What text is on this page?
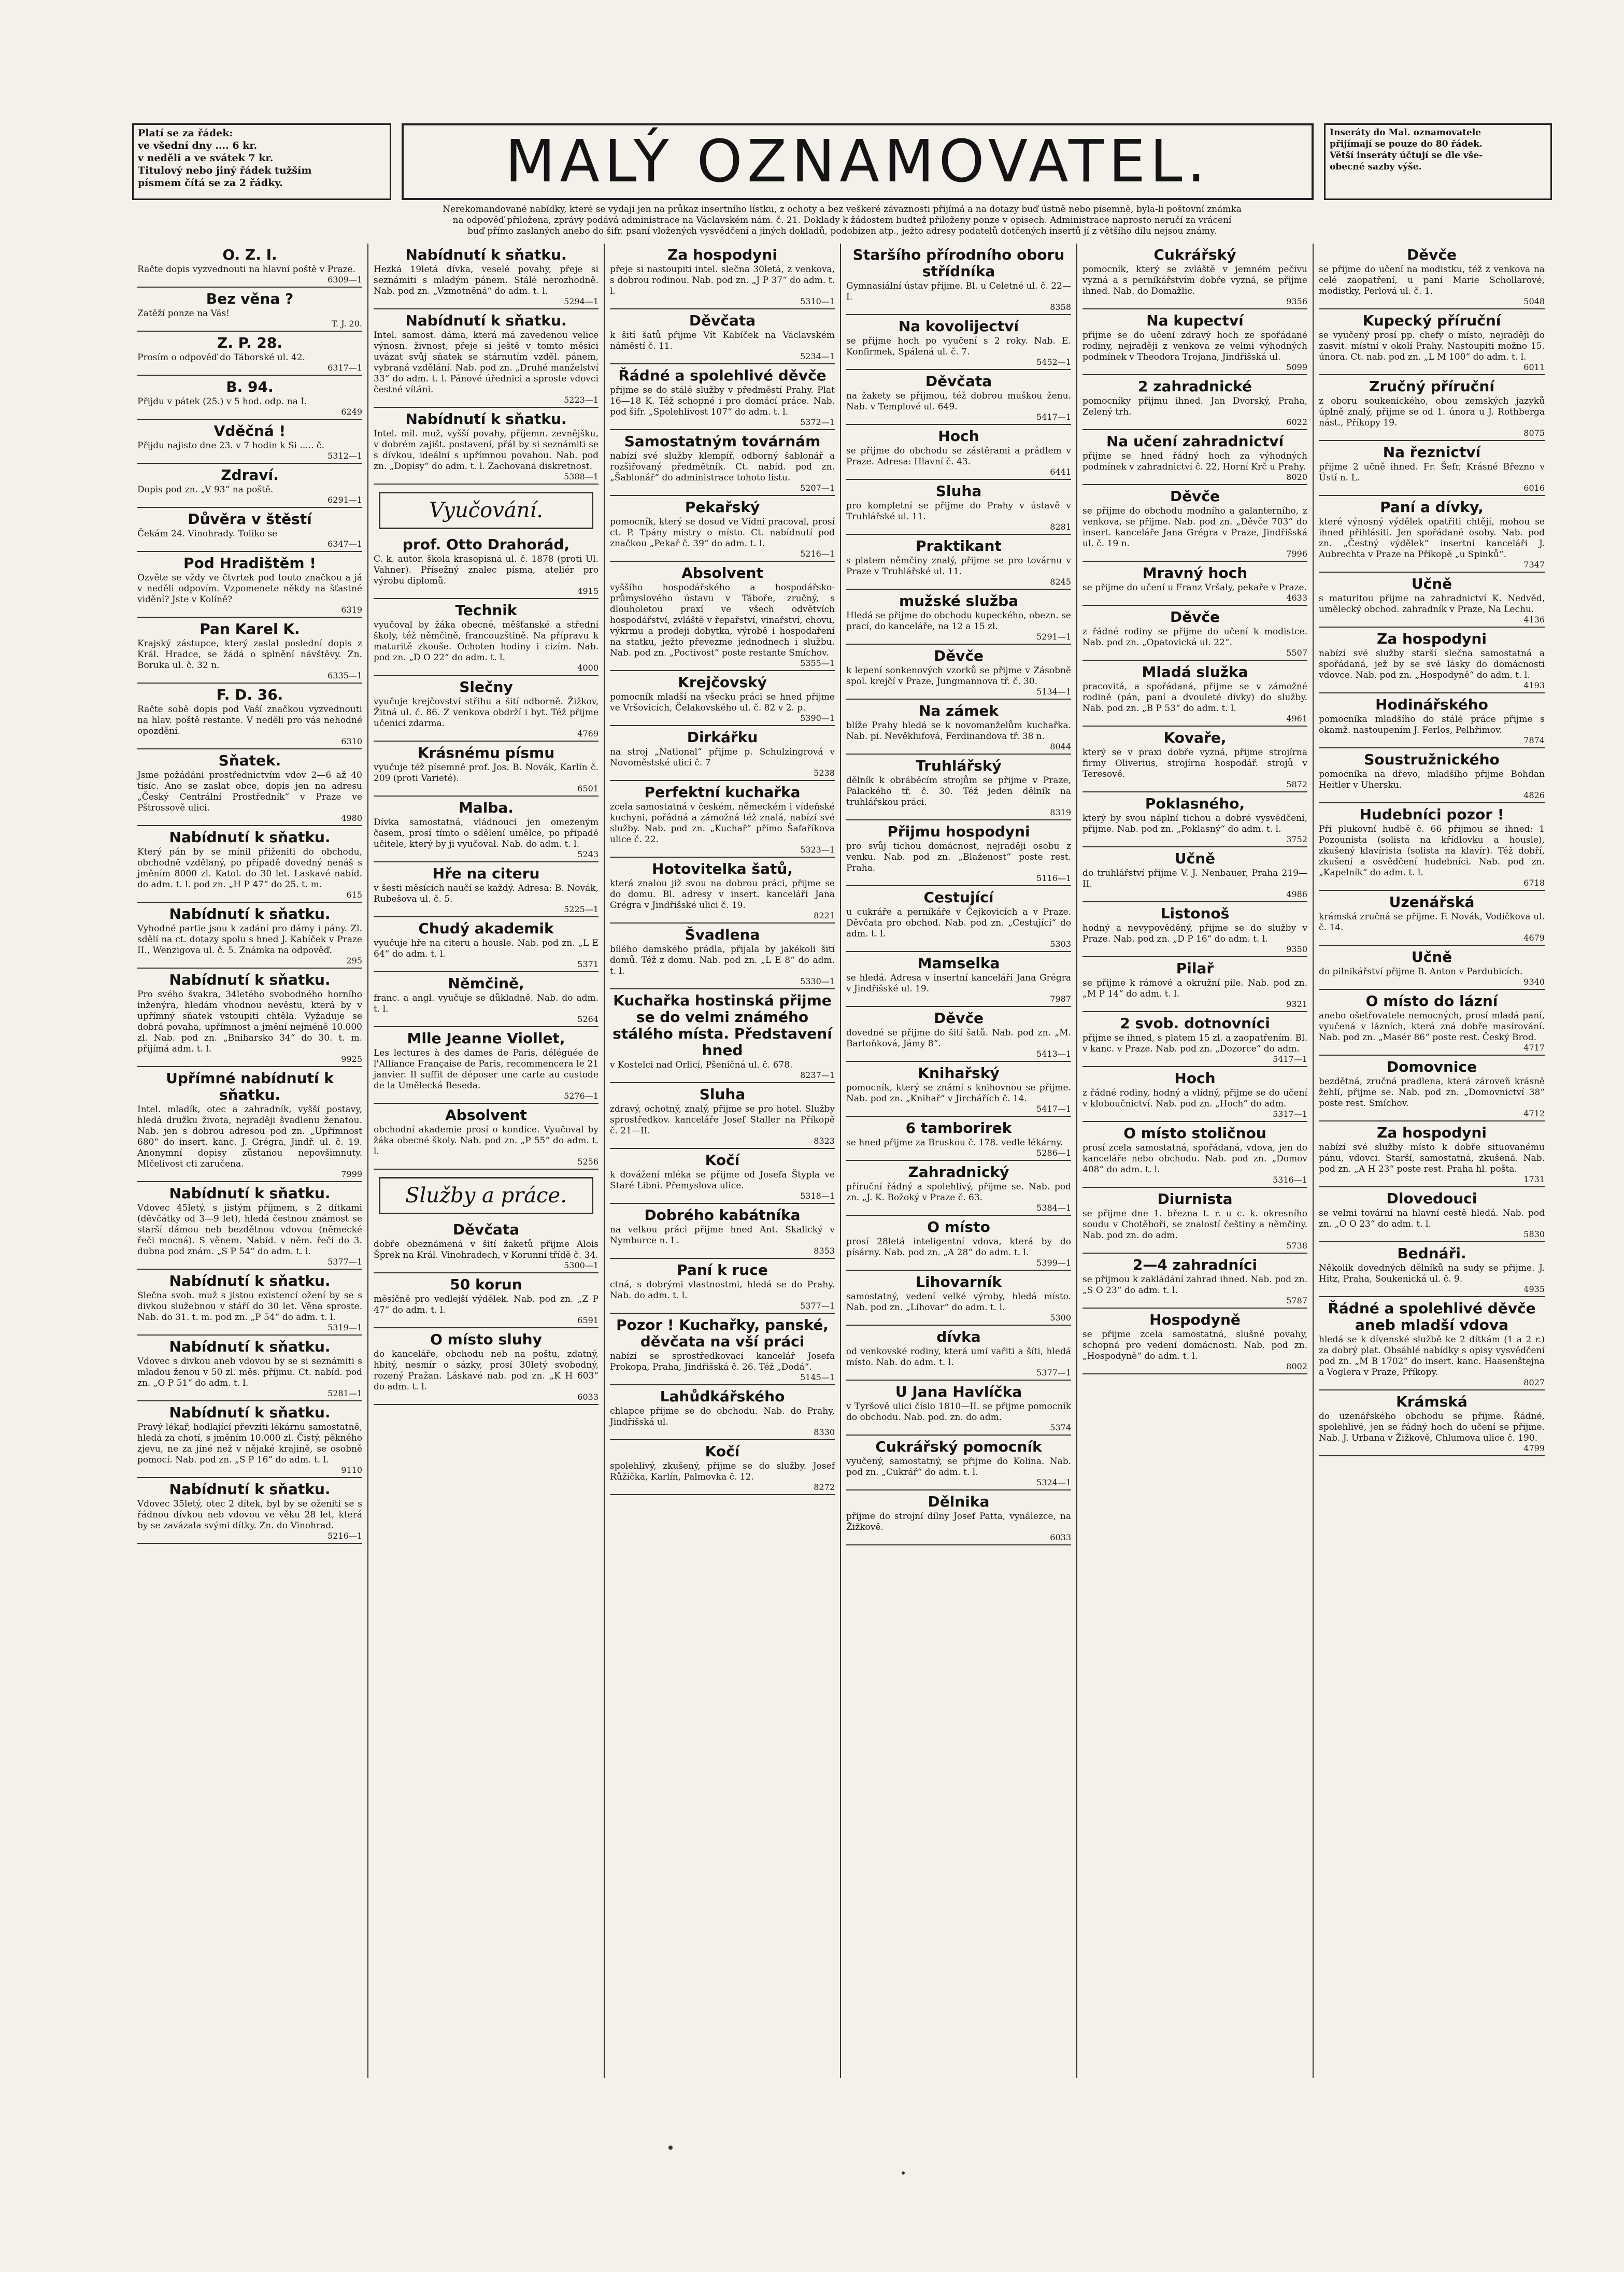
Platí se za řádek:
ve všední dny .... 6 kr.
v neděli a ve svátek 7 kr.
Titulový nebo jiný řádek tužším
písmem čítá se za 2 řádky.	MALÝ OZNAMOVATEL.	Inseráty do Mal. oznamovatele
přijímají se pouze do 80 řádek.
Větší inseráty účtují se dle vše-
obecné sazby výše.
Nerekomandované nabídky, které se vydají jen na průkaz insertního lístku, z ochoty a bez veškeré závaznosti přijímá a na dotazy buď ústně nebo písemně, byla-li poštovní známka
na odpověď přiložena, zprávy podává administrace na Václavském nám. č. 21. Doklady k žádostem budtež přiloženy ponze v opisech. Administrace naprosto neručí za vrácení
buď přímo zaslaných anebo do šifr. psaní vložených vysvědčení a jiných dokladů, podobizen atp., ježto adresy podatelů dotčených insertů jí z většího dílu nejsou známy.
O. Z. I.
Račte dopis vyzvednouti na hlavní poště v Praze.
6309—1
Bez věna ?
Zatěží ponze na Vás!
T. J. 20.
Z. P. 28.
Prosím o odpověď do Táborské ul. 42.
6317—1
B. 94.
Přijdu v pátek (25.) v 5 hod. odp. na I.
6249
Vděčná !
Přijdu najisto dne 23. v 7 hodin k Si ..... č.
5312—1
Zdraví.
Dopis pod zn. „V 93“ na poště.
6291—1
Důvěra v štěstí
Čekám 24. Vinohrady. Toliko se
6347—1
Pod Hradištěm !
Ozvěte se vždy ve čtvrtek pod touto značkou a já v neděli odpovím. Vzpomenete někdy na šťastné vidění? Jste v Kolíně?
6319
Pan Karel K.
Krajský zástupce, který zaslal poslední dopis z Král. Hradce, se žádá o splnění návštěvy. Zn. Boruka ul. č. 32 n.
6335—1
F. D. 36.
Račte sobě dopis pod Vaší značkou vyzvednouti na hlav. poště restante. V neděli pro vás nehodné opozdění.
6310
Sňatek.
Jsme požádáni prostřednictvím vdov 2—6 až 40 tisíc. Ano se zaslat obce, dopis jen na adresu „Český Centrální Prostředník“ v Praze ve Pštrossově ulici.
4980
Nabídnutí k sňatku.
Který pán by se mínil přiženiti do obchodu, obchodně vzdělaný, po případě dovedný nenáš s jměním 8000 zl. Katol. do 30 let. Laskavé nabíd. do adm. t. l. pod zn. „H P 47“ do 25. t. m.
615
Nabídnutí k sňatku.
Vyhodné partie jsou k zadání pro dámy i pány. Zl. sdělí na ct. dotazy spolu s hned J. Kabíček v Praze II., Wenzigova ul. č. 5. Známka na odpověď.
295
Nabídnutí k sňatku.
Pro svého švakra, 34letého svobodného horního inženýra, hledám vhodnou nevěstu, která by v upřímný sňatek vstoupiti chtěla. Vyžaduje se dobrá povaha, upřímnost a jmění nejméně 10.000 zl. Nab. pod zn. „Bniharsko 34“ do 30. t. m. přijímá adm. t. l.
9925
Upřímné nabídnutí k sňatku.
Intel. mladík, otec a zahradník, vyšší postavy, hledá družku života, nejraději švadlenu ženatou. Nab. jen s dobrou adresou pod zn. „Upřímnost 680“ do insert. kanc. J. Grégra, Jindř. ul. č. 19. Anonymní dopisy zůstanou nepovšimnuty. Mlčelivost cti zaručena.
7999
Nabídnutí k sňatku.
Vdovec 45letý, s jistým příjmem, s 2 dítkami (děvčátky od 3—9 let), hledá čestnou známost se starší dámou neb bezdětnou vdovou (německé řeči mocná). S věnem. Nabíd. v něm. řeči do 3. dubna pod znám. „S P 54“ do adm. t. l.
5377—1
Nabídnutí k sňatku.
Slečna svob. muž s jistou existencí ožení by se s divkou služebnou v stáří do 30 let. Věna sproste. Nab. do 31. t. m. pod zn. „P 54“ do adm. t. l.
5319—1
Nabídnutí k sňatku.
Vdovec s divkou aneb vdovou by se si seznámiti s mladou ženou v 50 zl. měs. příjmu. Ct. nabíd. pod zn. „O P 51“ do adm. t. l.
5281—1
Nabídnutí k sňatku.
Pravý lékař, hodlající převzíti lékárnu samostatně, hledá za chotí, s jměním 10.000 zl. Čistý, pěkného zjevu, ne za jiné než v nějaké krajině, se osobně pomocí. Nab. pod zn. „S P 16“ do adm. t. l.
9110
Nabídnutí k sňatku.
Vdovec 35letý, otec 2 dítek, byl by se oženiti se s řádnou dívkou neb vdovou ve věku 28 let, která by se zavázala svými dítky. Zn. do Vinohrad.
5216—1
Nabídnutí k sňatku.
Hezká 19letá dívka, veselé povahy, přeje si seznámiti s mladým pánem. Stálé nerozhodně. Nab. pod zn. „Vzmotněná“ do adm. t. l.
5294—1
Nabídnutí k sňatku.
Intel. samost. dáma, která má zavedenou velice výnosn. živnost, přeje si ještě v tomto měsíci uvázat svůj sňatek se stárnutím vzděl. pánem, vybraná vzdělání. Nab. pod zn. „Druhé manželství 33“ do adm. t. l. Pánové úřednici a sproste vdovci čestné vítáni.
5223—1
Nabídnutí k sňatku.
Intel. mil. muž, vyšší povahy, příjemn. zevnějšku, v dobrém zajišt. postavení, přál by si seznámiti se s dívkou, ideální s upřímnou povahou. Nab. pod zn. „Dopisy“ do adm. t. l. Zachovaná diskretnost.
5388—1
Vyučování.
prof. Otto Drahorád,
C. k. autor. škola krasopisná ul. č. 1878 (proti Ul. Vahner). Přísežný znalec písma, ateliér pro výrobu diplomů.
4915
Technik
vyučoval by žáka obecné, měšťanské a střední školy, též němčině, francouzštině. Na přípravu k maturitě zkouše. Ochoten hodiny i cizím. Nab. pod zn. „D O 22“ do adm. t. l.
4000
Slečny
vyučuje krejčovství střihu a šití odborně. Žižkov, Žitná ul. č. 86. Z venkova obdrží i byt. Též přijme učenicí zdarma.
4769
Krásnému písmu
vyučuje též písemně prof. Jos. B. Novák, Karlín č. 209 (proti Varieté).
6501
Malba.
Dívka samostatná, vládnoucí jen omezeným časem, prosí tímto o sdělení umělce, po případě učitele, který by ji vyučoval. Nab. do adm. t. l.
5243
Hře na citeru
v šesti měsících naučí se každý. Adresa: B. Novák, Rubešova ul. č. 5.
5225—1
Chudý akademik
vyučuje hře na citeru a housle. Nab. pod zn. „L E 64“ do adm. t. l.
5371
Němčině,
franc. a angl. vyučuje se důkladně. Nab. do adm. t. l.
5264
Mlle Jeanne Viollet,
Les lectures à des dames de Paris, déléguée de l'Alliance Française de Paris, recommencera le 21 janvier. Il suffit de déposer une carte au custode de la Umělecká Beseda.
5276—1
Absolvent
obchodní akademie prosí o kondice. Vyučoval by žáka obecné školy. Nab. pod zn. „P 55“ do adm. t. l.
5256
Služby a práce.
Děvčata
dobře obeznámená v šití žaketů přijme Alois Šprek na Král. Vinohradech, v Korunní třídě č. 34.
5300—1
50 korun
měsíčně pro vedlejší výdělek. Nab. pod zn. „Z P 47“ do adm. t. l.
6591
O místo sluhy
do kanceláře, obchodu neb na poštu, zdatný, hbitý, nesmír o sázky, prosí 30letý svobodný, rozený Pražan. Láskavé nab. pod zn. „K H 603“ do adm. t. l.
6033
Za hospodyni
přeje si nastoupiti intel. slečna 30letá, z venkova, s dobrou rodinou. Nab. pod zn. „J P 37“ do adm. t. l.
5310—1
Děvčata
k šití šatů přijme Vít Kabíček na Václavském náměstí č. 11.
5234—1
Řádné a spolehlivé děvče
přijme se do stálé služby v předměstí Prahy. Plat 16—18 K. Též schopné i pro domácí práce. Nab. pod šifr. „Spolehlivost 107“ do adm. t. l.
5372—1
Samostatným továrnám
nabízí své služby klempíř, odborný šablonář a rozšiřovaný předmětník. Ct. nabíd. pod zn. „Šablonář“ do administrace tohoto listu.
5207—1
Pekařský
pomocník, který se dosud ve Vídni pracoval, prosí ct. P. Tpány mistry o místo. Ct. nabídnutí pod značkou „Pekař č. 39“ do adm. t. l.
5216—1
Absolvent
vyššího hospodářského a hospodářsko-průmyslového ústavu v Táboře, zručný, s dlouholetou praxí ve všech odvětvích hospodářství, zvláště v řepařství, vinařství, chovu, výkrmu a prodeji dobytka, výrobě i hospodaření na statku, ježto převezme jednodnech i službu. Nab. pod zn. „Poctivost“ poste restante Smíchov.
5355—1
Krejčovský
pomocník mladší na všecku práci se hned přijme ve Vršovicích, Čelakovského ul. č. 82 v 2. p.
5390—1
Dirkářku
na stroj „National“ přijme p. Schulzingrová v Novoměstské ulici č. 7
5238
Perfektní kuchařka
zcela samostatná v českém, německém i vídeňské kuchyni, pořádná a zámožná též znalá, nabízí své služby. Nab. pod zn. „Kuchař“ přímo Šafaříkova ulice č. 22.
5323—1
Hotovitelka šatů,
která znalou již svou na dobrou práci, přijme se do domu. Bl. adresy v insert. kanceláři Jana Grégra v Jindřišské ulici č. 19.
8221
Švadlena
bílého damského prádla, přijala by jakékoli šití domů. Též z domu. Nab. pod zn. „L E 8“ do adm. t. l.
5330—1
Kuchařka hostinská přijme se do velmi známého stálého místa. Představení hned
v Kostelci nad Orlicí, Pšeničná ul. č. 678.
8237—1
Sluha
zdravý, ochotný, znalý, přijme se pro hotel. Služby sprostředkov. kanceláře Josef Staller na Příkopě č. 21—II.
8323
Kočí
k dovážení mléka se přijme od Josefa Štypla ve Staré Libni. Přemyslova ulice.
5318—1
Dobrého kabátníka
na velkou práci přijme hned Ant. Skalický v Nymburce n. L.
8353
Paní k ruce
ctná, s dobrými vlastnostmi, hledá se do Prahy. Nab. do adm. t. l.
5377—1
Pozor ! Kuchařky, panské, děvčata na vší práci
nabízí se sprostředkovací kancelář Josefa Prokopa, Praha, Jindřišská č. 26. Též „Dodá“.
5145—1
Lahůdkářského
chlapce přijme se do obchodu. Nab. do Prahy, Jindřišská ul.
8330
Kočí
spolehlivý, zkušený, přijme se do služby. Josef Růžička, Karlín, Palmovka č. 12.
8272
Staršího přírodního oboru střídníka
Gymnasiální ústav přijme. Bl. u Celetné ul. č. 22—I.
8358
Na kovolijectví
se přijme hoch po vyučení s 2 roky. Nab. E. Konfirmek, Spálená ul. č. 7.
5452—1
Děvčata
na žakety se přijmou, též dobrou muškou ženu. Nab. v Templové ul. 649.
5417—1
Hoch
se přijme do obchodu se zástěrami a prádlem v Praze. Adresa: Hlavní č. 43.
6441
Sluha
pro kompletní se přijme do Prahy v ústavě v Truhlářské ul. 11.
8281
Praktikant
s platem němčiny znalý, přijme se pro továrnu v Praze v Truhlářské ul. 11.
8245
mužské služba
Hledá se přijme do obchodu kupeckého, obezn. se prací, do kanceláře, na 12 a 15 zl.
5291—1
Děvče
k lepení sonkenových vzorků se přijme v Zásobně spol. krejčí v Praze, Jungmannova tř. č. 30.
5134—1
Na zámek
blíže Prahy hledá se k novomanželům kuchařka. Nab. pí. Nevěklufová, Ferdinandova tř. 38 n.
8044
Truhlářský
dělník k obráběcím strojům se přijme v Praze, Palackého tř. č. 30. Též jeden dělník na truhlářskou práci.
8319
Přijmu hospodyni
pro svůj tichou domácnost, nejraději osobu z venku. Nab. pod zn. „Blaženost“ poste rest. Praha.
5116—1
Cestující
u cukráře a perníkáře v Čejkovicích a v Praze. Děvčata pro obchod. Nab. pod zn. „Cestující“ do adm. t. l.
5303
Mamselka
se hledá. Adresa v insertní kanceláři Jana Grégra v Jindřišské ul. 19.
7987
Děvče
dovedné se přijme do šití šatů. Nab. pod zn. „M. Bartoňková, Jámy 8“.
5413—1
Knihařský
pomocník, který se známí s knihovnou se přijme. Nab. pod zn. „Knihař“ v Jirchářích č. 14.
5417—1
6 tamborirek
se hned přijme za Bruskou č. 178. vedle lékárny.
5286—1
Zahradnický
příruční řádný a spolehlivý, přijme se. Nab. pod zn. „J. K. Božoký v Praze č. 63.
5384—1
O místo
prosí 28letá inteligentní vdova, která by do písárny. Nab. pod zn. „A 28“ do adm. t. l.
5399—1
Lihovarník
samostatný, vedení velké výroby, hledá místo. Nab. pod zn. „Lihovar“ do adm. t. l.
5300
dívka
od venkovské rodiny, která umí vařiti a šíti, hledá místo. Nab. do adm. t. l.
5377—1
U Jana Havlíčka
v Tyršově ulici číslo 1810—II. se přijme pomocník do obchodu. Nab. pod. zn. do adm.
5374
Cukrářský pomocník
vyučený, samostatný, se přijme do Kolína. Nab. pod zn. „Cukrář“ do adm. t. l.
5324—1
Dělnika
přijme do strojní dílny Josef Patta, vynálezce, na Žižkově.
6033
Cukrářský
pomocník, který se zvláště v jemném pečivu vyzná a s perníkářstvím dobře vyzná, se přijme ihned. Nab. do Domažlic.
9356
Na kupectví
přijme se do učení zdravý hoch ze spořádané rodiny, nejraději z venkova ze velmi výhodných podmínek v Theodora Trojana, Jindřišská ul.
5099
2 zahradnické
pomocníky přijmu ihned. Jan Dvorský, Praha, Zelený trh.
6022
Na učení zahradnictví
přijme se hned řádný hoch za výhodných podmínek v zahradnictví č. 22, Horní Krč u Prahy.
8020
Děvče
se přijme do obchodu modního a galanterního, z venkova, se přijme. Nab. pod zn. „Děvče 703“ do insert. kanceláře Jana Grégra v Praze, Jindřišská ul. č. 19 n.
7996
Mravný hoch
se přijme do učení u Franz Vršaly, pekaře v Praze.
4633
Děvče
z řádné rodiny se přijme do učení k modistce. Nab. pod zn. „Opatovická ul. 22“.
5507
Mladá služka
pracovitá, a spořádaná, přijme se v zámožné rodině (pán, paní a dvouleté dívky) do služby. Nab. pod zn. „B P 53“ do adm. t. l.
4961
Kovaře,
který se v praxi dobře vyzná, přijme strojírna firmy Oliverius, strojírna hospodář. strojů v Teresově.
5872
Poklasného,
který by svou náplní tichou a dobré vysvědčení, přijme. Nab. pod zn. „Poklasný“ do adm. t. l.
3752
Učně
do truhlářství přijme V. J. Nenbauer, Praha 219—II.
4986
Listonoš
hodný a nevypověděný, přijme se do služby v Praze. Nab. pod zn. „D P 16“ do adm. t. l.
9350
Pilař
se přijme k rámové a okružní pile. Nab. pod zn. „M P 14“ do adm. t. l.
9321
2 svob. dotnovníci
přijme se ihned, s platem 15 zl. a zaopatřením. Bl. v kanc. v Praze. Nab. pod zn. „Dozorce“ do adm.
5417—1
Hoch
z řádné rodiny, hodný a vlídný, přijme se do učení v kloboučnictví. Nab. pod zn. „Hoch“ do adm.
5317—1
O místo stoličnou
prosí zcela samostatná, spořádaná, vdova, jen do kanceláře nebo obchodu. Nab. pod zn. „Domov 408“ do adm. t. l.
5316—1
Diurnista
se přijme dne 1. března t. r. u c. k. okresního soudu v Chotěboři, se znalostí češtiny a němčiny. Nab. pod zn. do adm.
5738
2—4 zahradníci
se přijmou k zakládání zahrad ihned. Nab. pod zn. „S O 23“ do adm. t. l.
5787
Hospodyně
se přijme zcela samostatná, slušné povahy, schopná pro vedení domácnosti. Nab. pod zn. „Hospodyně“ do adm. t. l.
8002
Děvče
se přijme do učení na modistku, též z venkova na celé zaopatření, u paní Marie Schollarové, modistky, Perlová ul. č. 1.
5048
Kupecký příruční
se vyučený prosí pp. chefy o místo, nejraději do zasvit. místní v okolí Prahy. Nastoupiti možno 15. února. Ct. nab. pod zn. „L M 100“ do adm. t. l.
6011
Zručný příruční
z oboru soukenického, obou zemských jazyků úplně znalý, přijme se od 1. února u J. Rothberga nást., Příkopy 19.
8075
Na řeznictví
přijme 2 učně ihned. Fr. Šefr, Krásné Březno v Ústí n. L.
6016
Paní a dívky,
které výnosný výdělek opatřiti chtějí, mohou se ihned přihlásiti. Jen spořádané osoby. Nab. pod zn. „Čestný výdělek“ insertní kanceláři J. Aubrechta v Praze na Příkopě „u Spinků“.
7347
Učně
s maturitou přijme na zahradnictví K. Nedvěd, umělecký obchod. zahradník v Praze, Na Lechu.
4136
Za hospodyni
nabízí své služby starší slečna samostatná a spořádaná, jež by se své lásky do domácnosti vdovce. Nab. pod zn. „Hospodyně“ do adm. t. l.
4193
Hodinářského
pomocníka mladšího do stálé práce přijme s okamž. nastoupením J. Ferlos, Pelhřimov.
7874
Soustružnického
pomocníka na dřevo, mladšího přijme Bohdan Heitler v Uhersku.
4826
Hudebníci pozor !
Při plukovní hudbě č. 66 přijmou se ihned: 1 Pozounista (solista na křídlovku a housle), zkušený klavírista (solista na klavír). Též dobří, zkušení a osvědčení hudebníci. Nab. pod zn. „Kapelník“ do adm. t. l.
6718
Uzenářská
krámská zručná se přijme. F. Novák, Vodičkova ul. č. 14.
4679
Učně
do pilnikářství přijme B. Anton v Pardubicích.
9340
O místo do lázní
anebo ošetřovatele nemocných, prosí mladá paní, vyučená v lázních, která zná dobře masírování. Nab. pod zn. „Masér 86“ poste rest. Český Brod.
4717
Domovnice
bezdětná, zručná pradlena, která zároveň krásně žehlí, přijme se. Nab. pod zn. „Domovnictví 38“ poste rest. Smíchov.
4712
Za hospodyni
nabízí své služby místo k dobře situovanému pánu, vdovci. Starší, samostatná, zkušená. Nab. pod zn. „A H 23“ poste rest. Praha hl. pošta.
1731
Dlovedouci
se velmi tovární na hlavní cestě hledá. Nab. pod zn. „O O 23“ do adm. t. l.
5830
Bednáři.
Několik dovedných dělníků na sudy se přijme. J. Hitz, Praha, Soukenická ul. č. 9.
4935
Řádné a spolehlivé děvče aneb mladší vdova
hledá se k dívenské službě ke 2 dítkám (1 a 2 r.) za dobrý plat. Obsáhlé nabídky s opisy vysvědčení pod zn. „M B 1702“ do insert. kanc. Haasenštejna a Voglera v Praze, Příkopy.
8027
Krámská
do uzenářského obchodu se přijme. Řádné, spolehlivé, jen se řádný hoch do učení se přijme. Nab. J. Urbana v Žižkově, Chlumova ulice č. 190.
4799
